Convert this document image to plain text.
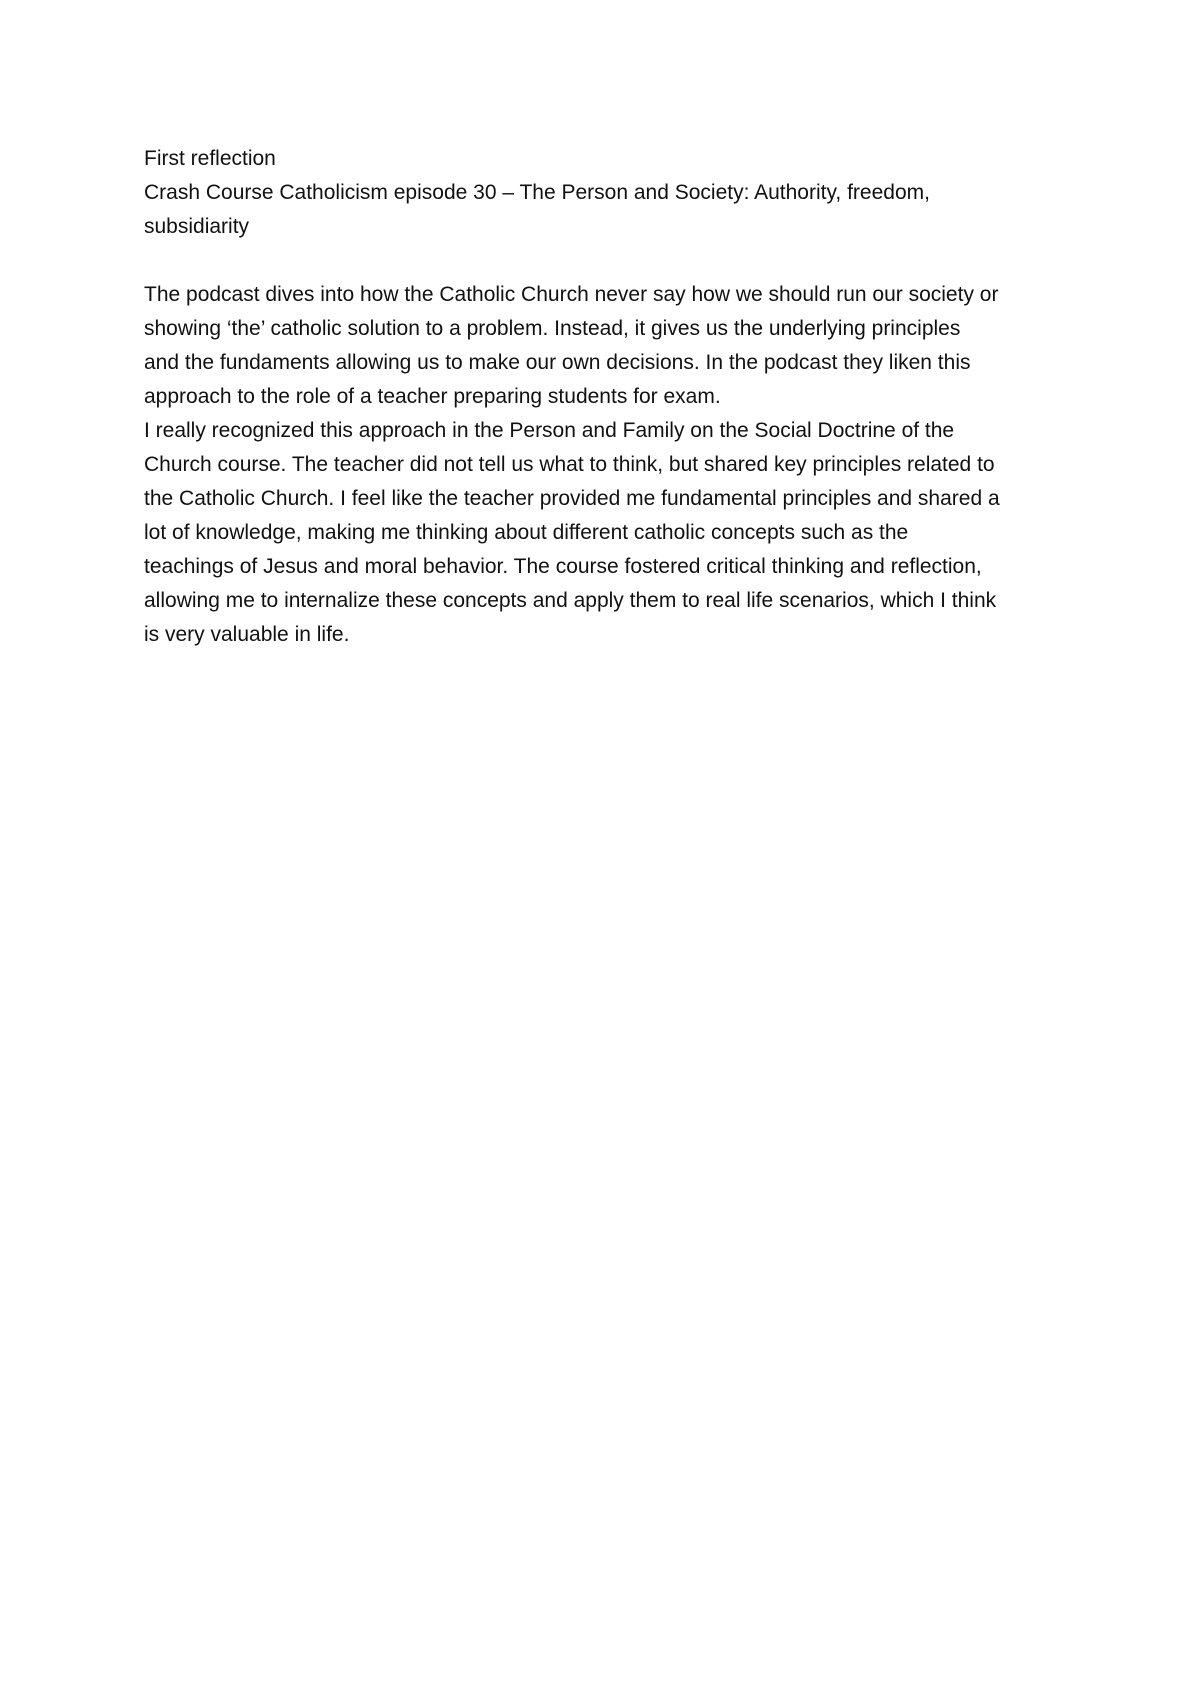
First reflection
Crash Course Catholicism episode 30 – The Person and Society: Authority, freedom,
subsidiarity
The podcast dives into how the Catholic Church never say how we should run our society or
showing ‘the’ catholic solution to a problem. Instead, it gives us the underlying principles
and the fundaments allowing us to make our own decisions. In the podcast they liken this
approach to the role of a teacher preparing students for exam.
I really recognized this approach in the Person and Family on the Social Doctrine of the
Church course. The teacher did not tell us what to think, but shared key principles related to
the Catholic Church. I feel like the teacher provided me fundamental principles and shared a
lot of knowledge, making me thinking about different catholic concepts such as the
teachings of Jesus and moral behavior. The course fostered critical thinking and reflection,
allowing me to internalize these concepts and apply them to real life scenarios, which I think
is very valuable in life.
